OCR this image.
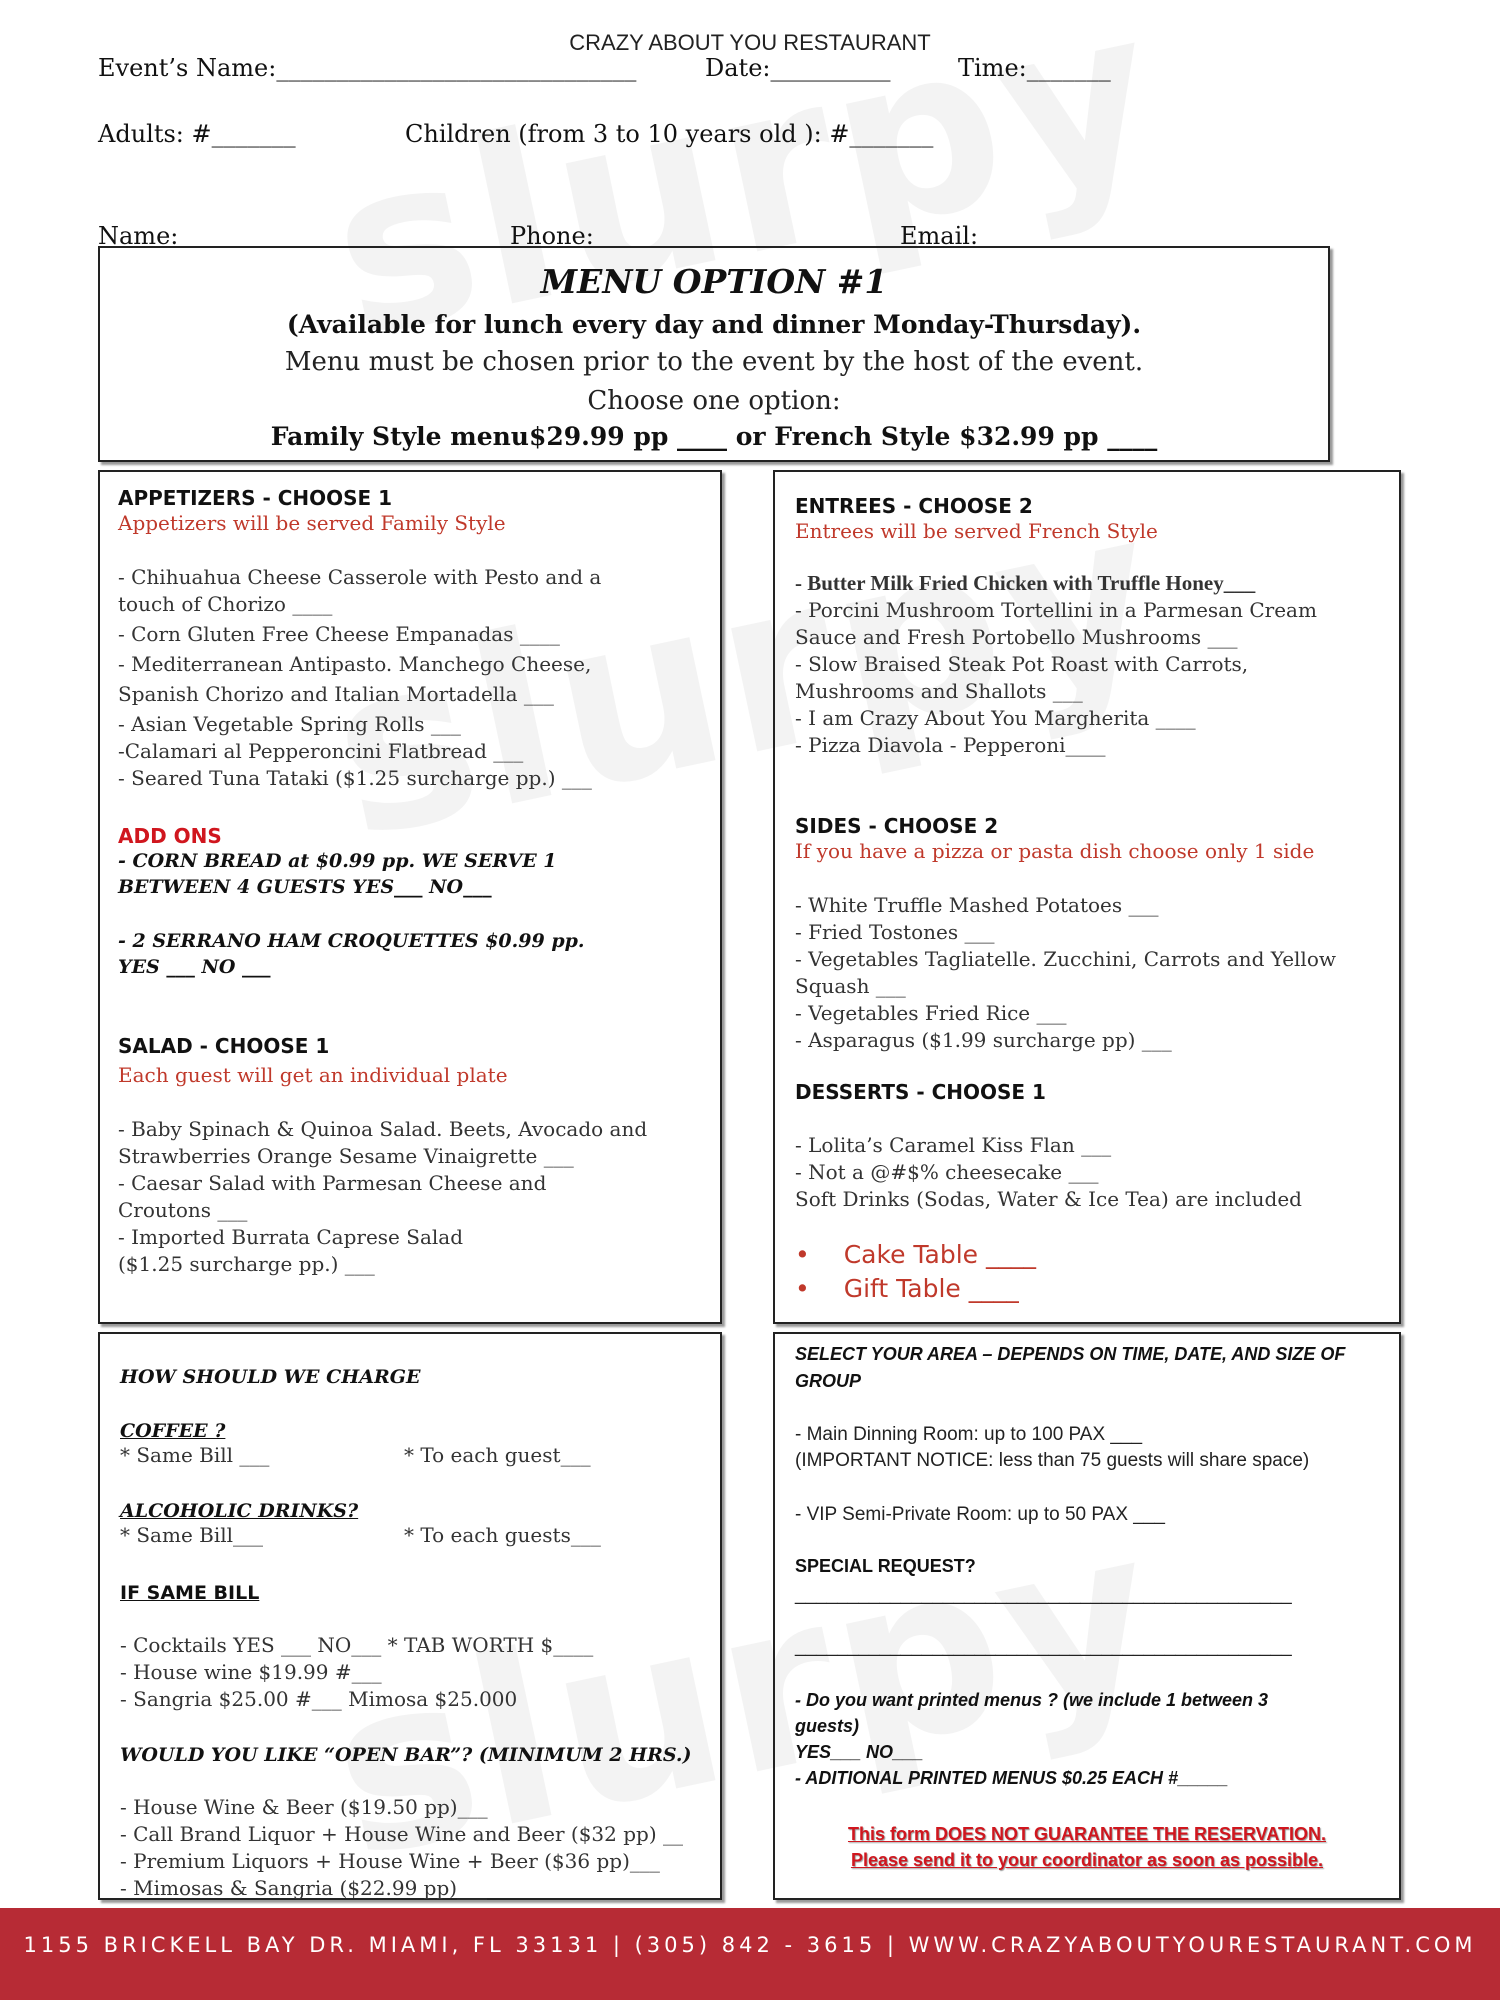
CRAZY ABOUT YOU RESTAURANT
Event’s Name:______________________________	Date:__________	Time:_______
Adults: #_______	Children (from 3 to 10 years old ): #_______
Name:	Phone:	Email:
MENU OPTION #1
(Available for lunch every day and dinner Monday-Thursday).
Menu must be chosen prior to the event by the host of the event.
Choose one option:
Family Style menu$29.99 pp ____ or French Style $32.99 pp ____
APPETIZERS - CHOOSE 1
Appetizers will be served Family Style
- Chihuahua Cheese Casserole with Pesto and a
touch of Chorizo ____
- Corn Gluten Free Cheese Empanadas ____
- Mediterranean Antipasto. Manchego Cheese,
Spanish Chorizo and Italian Mortadella ___
- Asian Vegetable Spring Rolls ___
-Calamari al Pepperoncini Flatbread ___
- Seared Tuna Tataki ($1.25 surcharge pp.) ___
ADD ONS
- CORN BREAD at $0.99 pp. WE SERVE 1
BETWEEN 4 GUESTS YES___ NO___
- 2 SERRANO HAM CROQUETTES $0.99 pp.
YES ___ NO ___
SALAD - CHOOSE 1
Each guest will get an individual plate
- Baby Spinach & Quinoa Salad. Beets, Avocado and
Strawberries Orange Sesame Vinaigrette ___
- Caesar Salad with Parmesan Cheese and
Croutons ___
- Imported Burrata Caprese Salad
($1.25 surcharge pp.) ___
ENTREES - CHOOSE 2
Entrees will be served French Style
- Butter Milk Fried Chicken with Truffle Honey___
- Porcini Mushroom Tortellini in a Parmesan Cream
Sauce and Fresh Portobello Mushrooms ___
- Slow Braised Steak Pot Roast with Carrots,
Mushrooms and Shallots ___
- I am Crazy About You Margherita ____
- Pizza Diavola - Pepperoni____
SIDES - CHOOSE 2
If you have a pizza or pasta dish choose only 1 side
- White Truffle Mashed Potatoes ___
- Fried Tostones ___
- Vegetables Tagliatelle. Zucchini, Carrots and Yellow
Squash ___
- Vegetables Fried Rice ___
- Asparagus ($1.99 surcharge pp) ___
DESSERTS - CHOOSE 1
- Lolita’s Caramel Kiss Flan ___
- Not a @#$% cheesecake ___
Soft Drinks (Sodas, Water & Ice Tea) are included
• Cake Table ____
• Gift Table ____
HOW SHOULD WE CHARGE
COFFEE ?
* Same Bill ___	* To each guest___
ALCOHOLIC DRINKS?
* Same Bill___	* To each guests___
IF SAME BILL
- Cocktails YES ___ NO___ * TAB WORTH $____
- House wine $19.99 #___
- Sangria $25.00 #___ Mimosa $25.000
WOULD YOU LIKE “OPEN BAR”? (MINIMUM 2 HRS.)
- House Wine & Beer ($19.50 pp)___
- Call Brand Liquor + House Wine and Beer ($32 pp) __
- Premium Liquors + House Wine + Beer ($36 pp)___
- Mimosas & Sangria ($22.99 pp)___
SELECT YOUR AREA – DEPENDS ON TIME, DATE, AND SIZE OF
GROUP
- Main Dinning Room: up to 100 PAX ___
(IMPORTANT NOTICE: less than 75 guests will share space)
- VIP Semi-Private Room: up to 50 PAX ___
SPECIAL REQUEST?
_______________________________________________
_______________________________________________
- Do you want printed menus ? (we include 1 between 3
guests)
YES___ NO___
- ADITIONAL PRINTED MENUS $0.25 EACH #_____
This form DOES NOT GUARANTEE THE RESERVATION.
Please send it to your coordinator as soon as possible.
1155 BRICKELL BAY DR. MIAMI, FL 33131 | (305) 842 - 3615 | WWW.CRAZYABOUTYOURESTAURANT.COM
